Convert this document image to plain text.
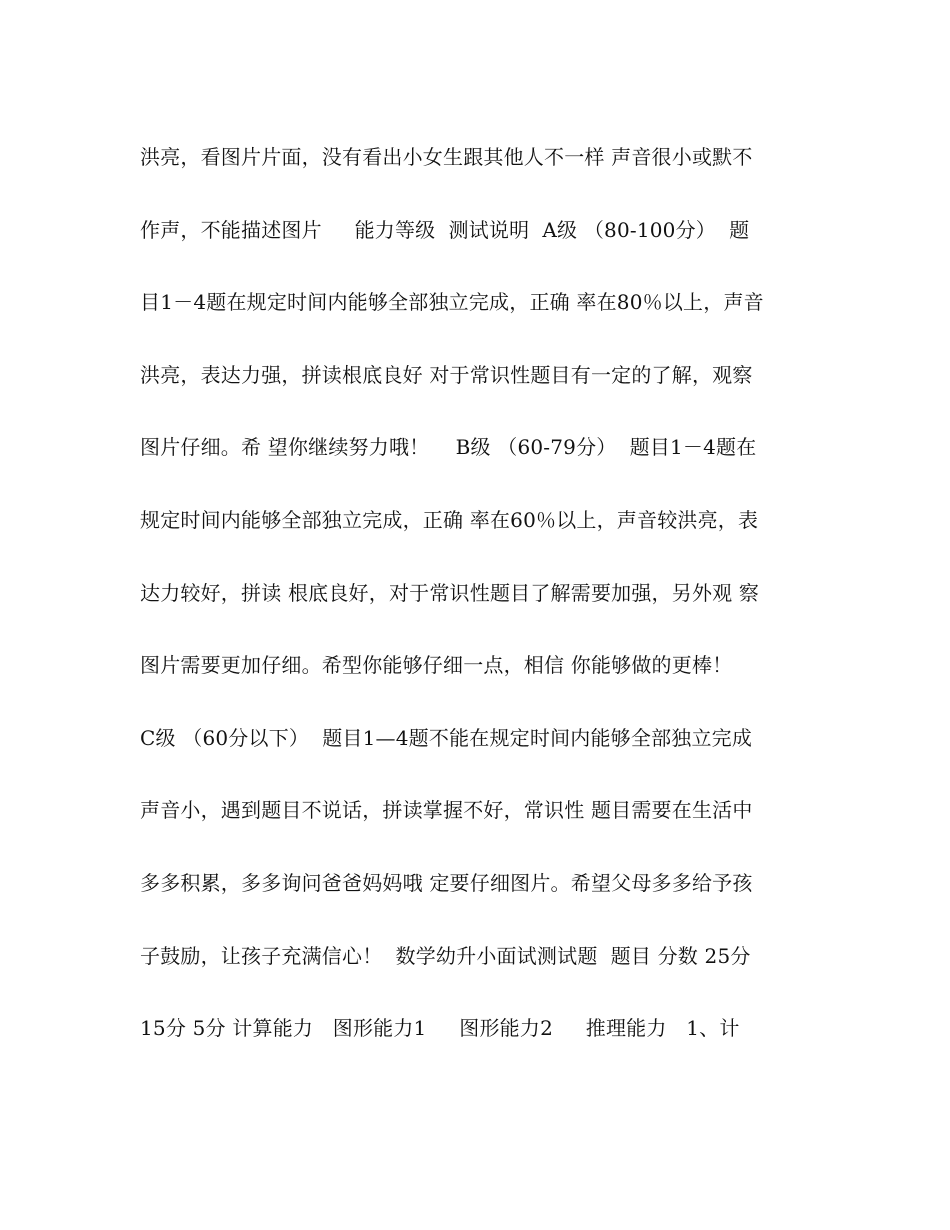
洪亮，看图片片面，没有看出小女生跟其他人不一样 声音很小或默不
作声，不能描述图片     能力等级  测试说明  A级 （80-100分）  题
目1－4题在规定时间内能够全部独立完成，正确 率在80％以上，声音
洪亮，表达力强，拼读根底良好 对于常识性题目有一定的了解，观察
图片仔细。希 望你继续努力哦！    B级 （60-79分）  题目1－4题在
规定时间内能够全部独立完成，正确 率在60％以上，声音较洪亮，表
达力较好，拼读 根底良好，对于常识性题目了解需要加强，另外观 察
图片需要更加仔细。希型你能够仔细一点，相信 你能够做的更棒！
C级 （60分以下）  题目1—4题不能在规定时间内能够全部独立完成
声音小，遇到题目不说话，拼读掌握不好，常识性 题目需要在生活中
多多积累，多多询问爸爸妈妈哦 定要仔细图片。希望父母多多给予孩
子鼓励，让孩子充满信心！  数学幼升小面试测试题  题目 分数 25分
15分 5分 计算能力   图形能力1     图形能力2     推理能力   1、计
